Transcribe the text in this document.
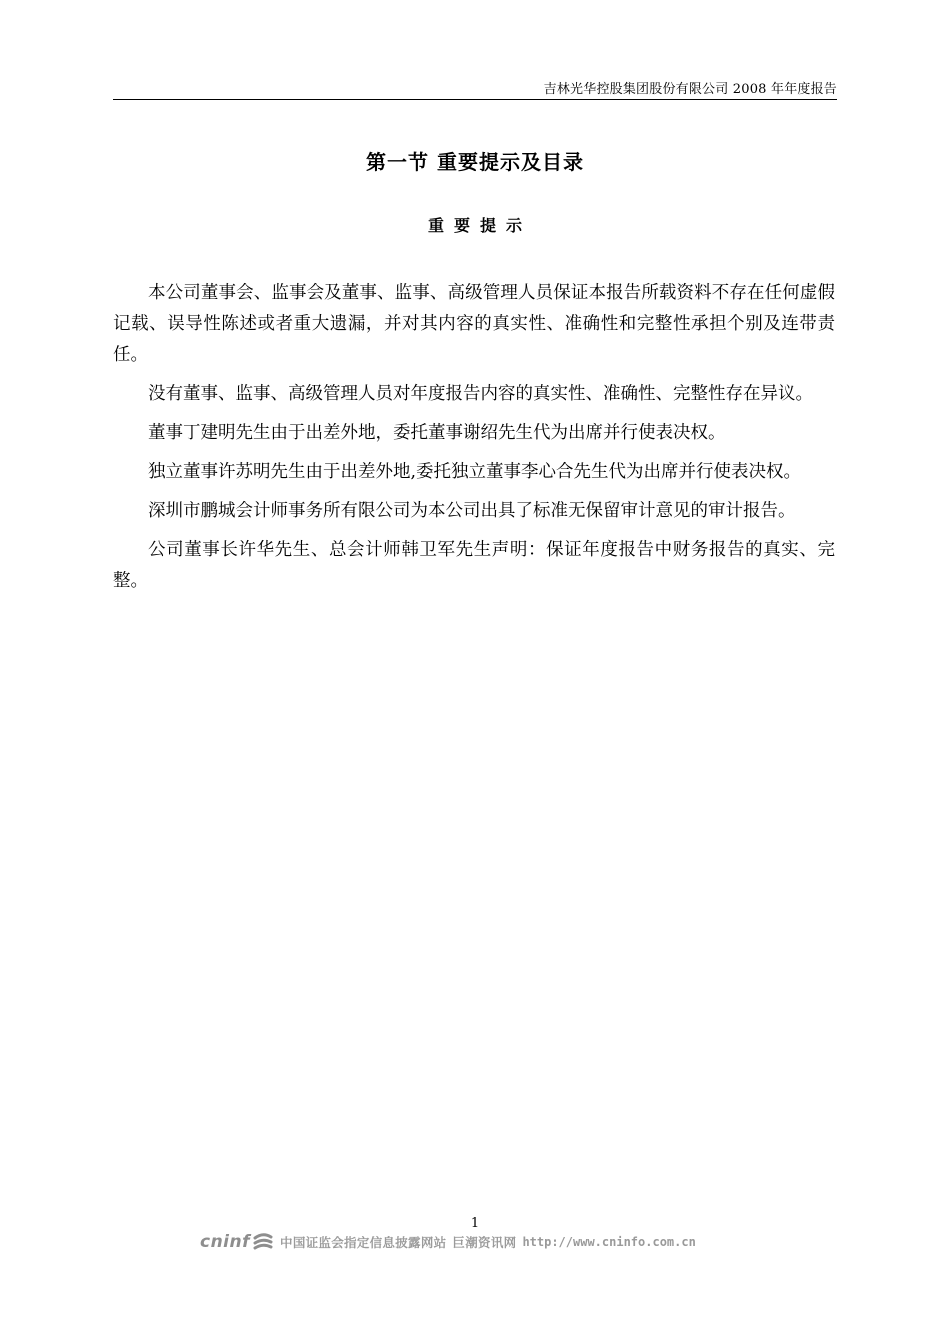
吉林光华控股集团股份有限公司 2008 年年度报告
第一节 重要提示及目录
重要提示

本公司董事会、监事会及董事、监事、高级管理人员保证本报告所载资料不存在任何虚假记载、误导性陈述或者重大遗漏，并对其内容的真实性、准确性和完整性承担个别及连带责任。

没有董事、监事、高级管理人员对年度报告内容的真实性、准确性、完整性存在异议。

董事丁建明先生由于出差外地，委托董事谢绍先生代为出席并行使表决权。

独立董事许苏明先生由于出差外地,委托独立董事李心合先生代为出席并行使表决权。

深圳市鹏城会计师事务所有限公司为本公司出具了标准无保留审计意见的审计报告。

公司董事长许华先生、总会计师韩卫军先生声明：保证年度报告中财务报告的真实、完整。

1
cninf 中国证监会指定信息披露网站 巨潮资讯网 http://www.cninfo.com.cn
